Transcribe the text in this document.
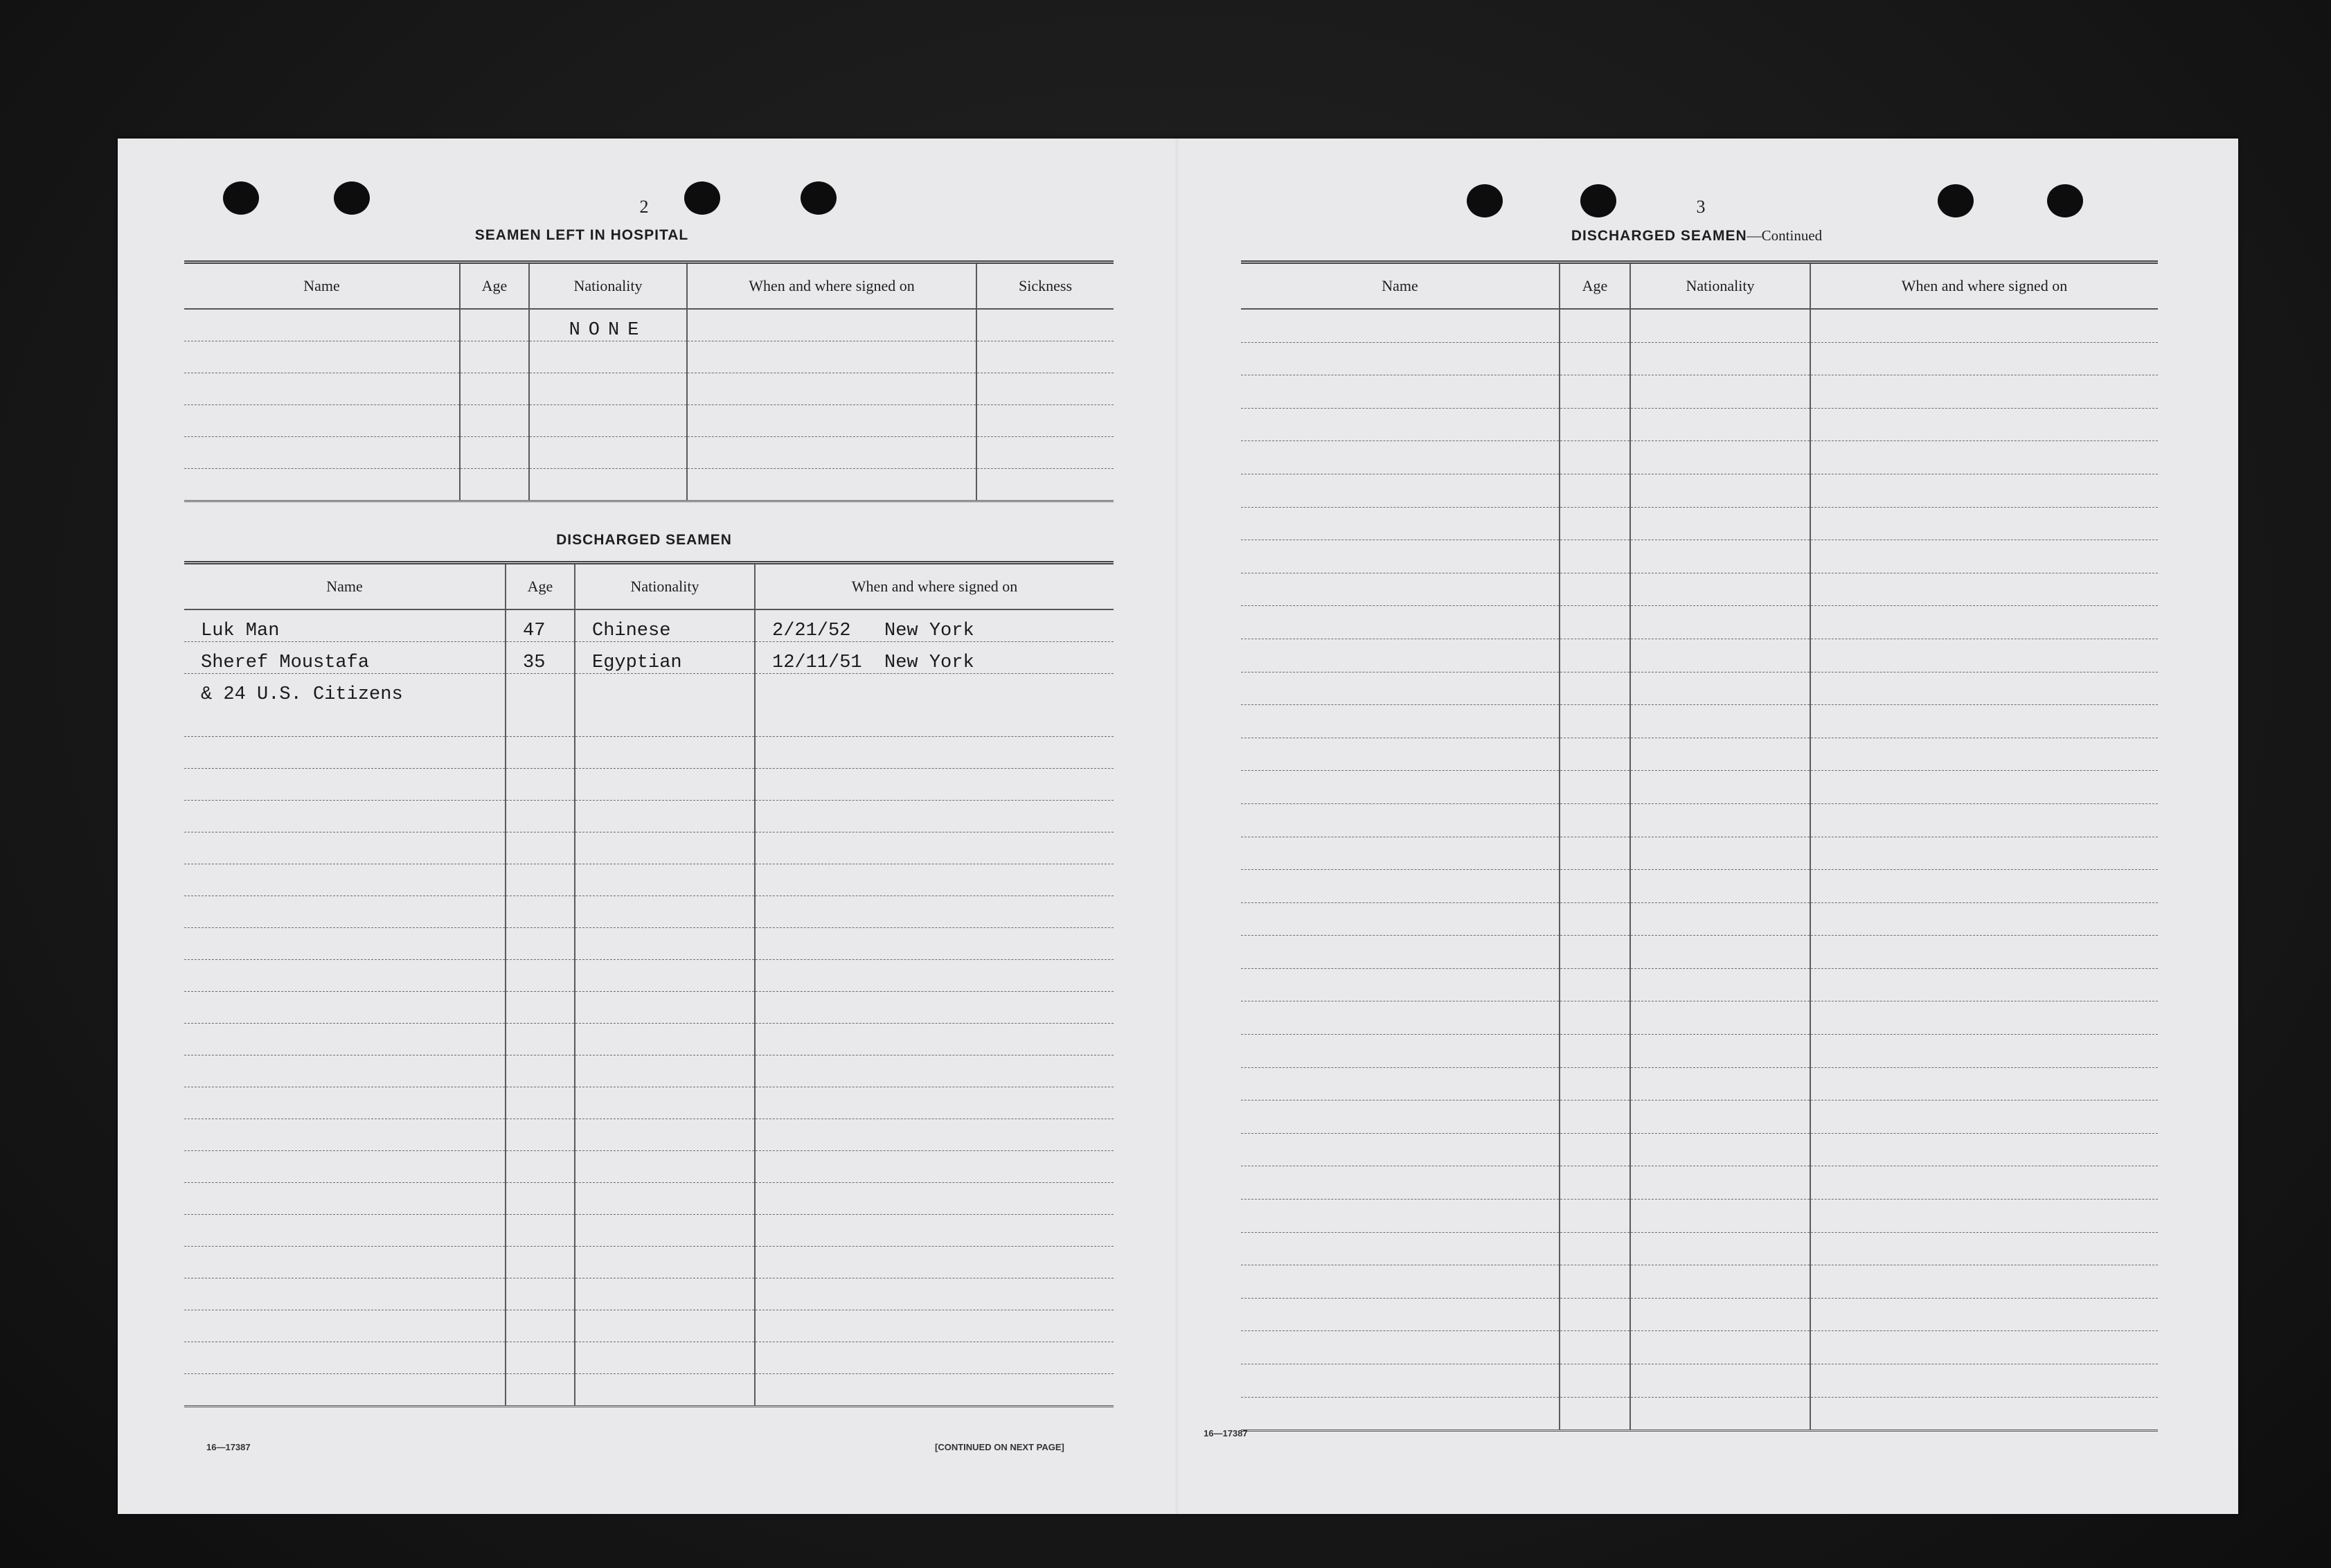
2
SEAMEN LEFT IN HOSPITAL
Name	Age	Nationality	When and where signed on	Sickness
		NONE		

DISCHARGED SEAMEN
Name	Age	Nationality	When and where signed on
Luk Man	47	Chinese	2/21/52   New York
Sheref Moustafa	35	Egyptian	12/11/51  New York
& 24 U.S. Citizens			

16—17387	[CONTINUED ON NEXT PAGE]
3
DISCHARGED SEAMEN—Continued
Name	Age	Nationality	When and where signed on

16—17387
